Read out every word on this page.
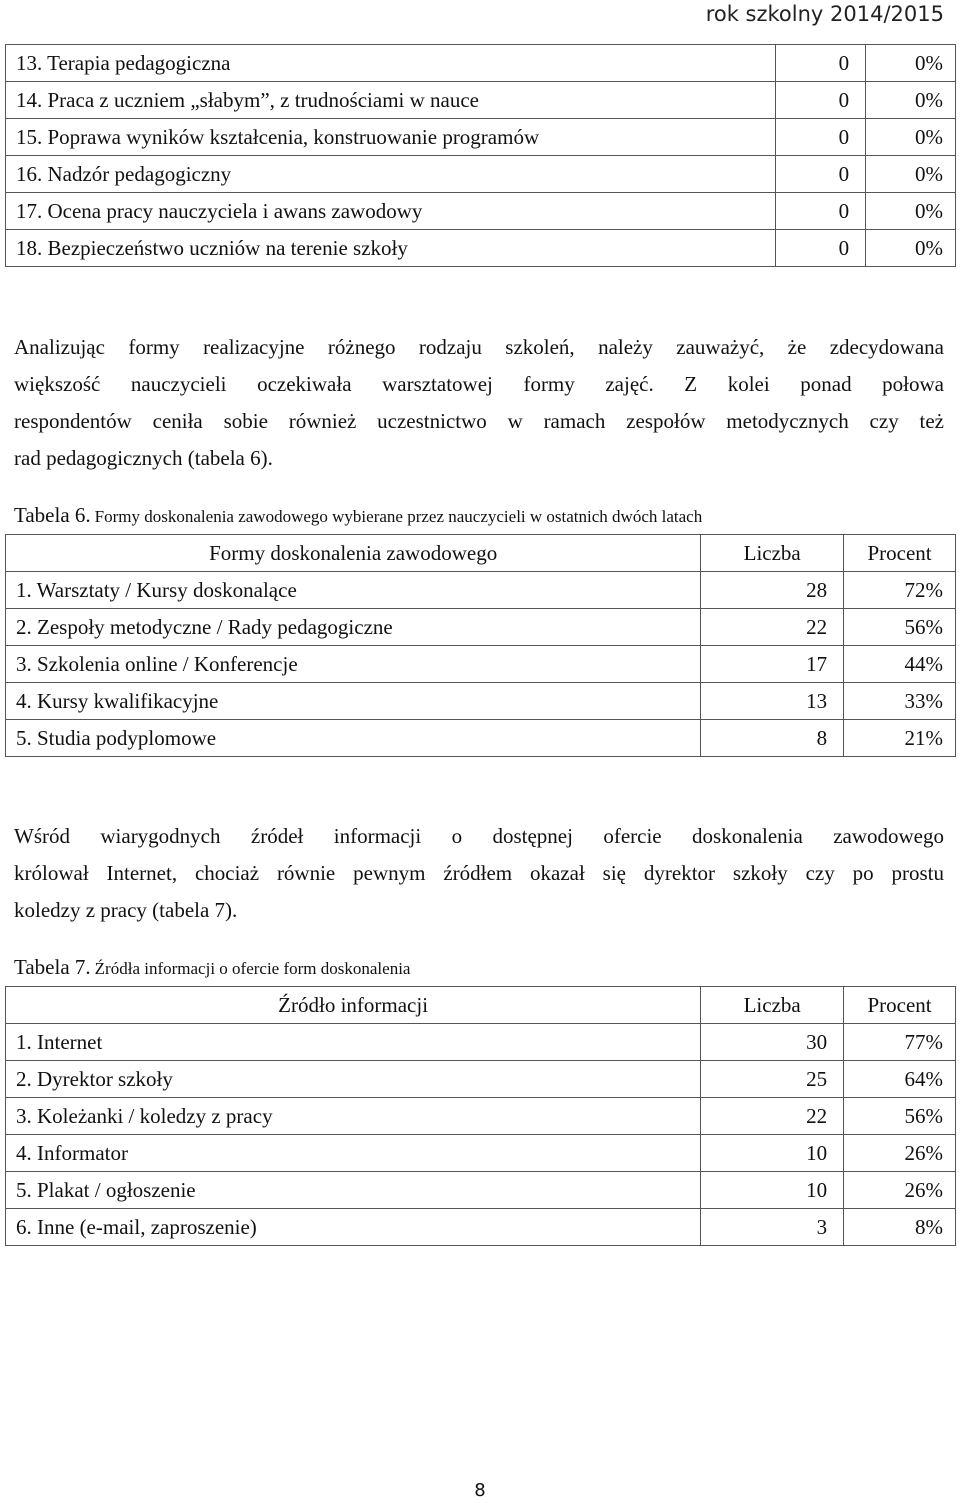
rok szkolny 2014/2015
13. Terapia pedagogiczna	0	0%
14. Praca z uczniem „słabym”, z trudnościami w nauce	0	0%
15. Poprawa wyników kształcenia, konstruowanie programów	0	0%
16. Nadzór pedagogiczny	0	0%
17. Ocena pracy nauczyciela i awans zawodowy	0	0%
18. Bezpieczeństwo uczniów na terenie szkoły	0	0%
Analizując formy realizacyjne różnego rodzaju szkoleń, należy zauważyć, że zdecydowana
większość nauczycieli oczekiwała warsztatowej formy zajęć. Z kolei ponad połowa
respondentów ceniła sobie również uczestnictwo w ramach zespołów metodycznych czy też
rad pedagogicznych (tabela 6).
Tabela 6. Formy doskonalenia zawodowego wybierane przez nauczycieli w ostatnich dwóch latach
Formy doskonalenia zawodowego	Liczba	Procent
1. Warsztaty / Kursy doskonalące	28	72%
2. Zespoły metodyczne / Rady pedagogiczne	22	56%
3. Szkolenia online / Konferencje	17	44%
4. Kursy kwalifikacyjne	13	33%
5. Studia podyplomowe	8	21%
Wśród wiarygodnych źródeł informacji o dostępnej ofercie doskonalenia zawodowego
królował Internet, chociaż równie pewnym źródłem okazał się dyrektor szkoły czy po prostu
koledzy z pracy (tabela 7).
Tabela 7. Źródła informacji o ofercie form doskonalenia
Źródło informacji	Liczba	Procent
1. Internet	30	77%
2. Dyrektor szkoły	25	64%
3. Koleżanki / koledzy z pracy	22	56%
4. Informator	10	26%
5. Plakat / ogłoszenie	10	26%
6. Inne (e-mail, zaproszenie)	3	8%
8
